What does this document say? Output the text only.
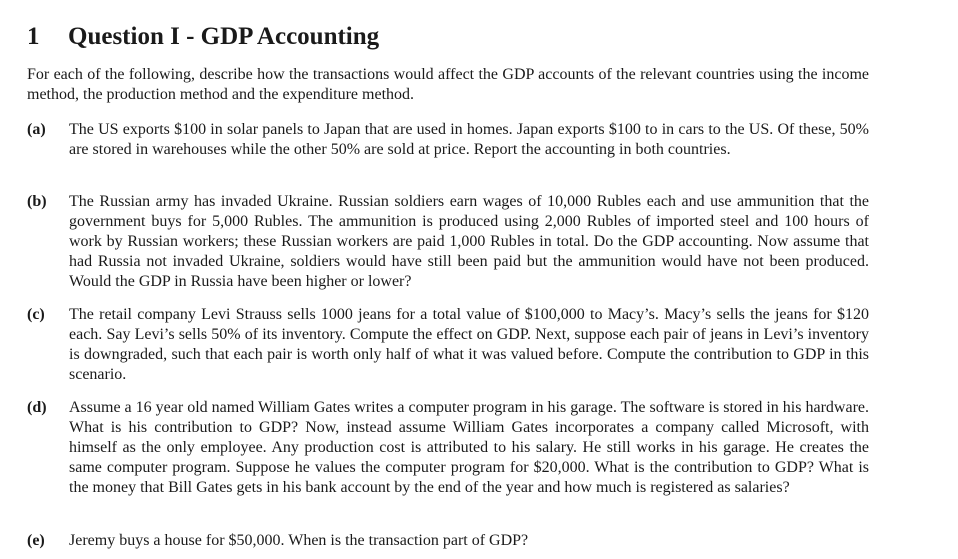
1 Question I - GDP Accounting

For each of the following, describe how the transactions would affect the GDP accounts of the relevant countries using the income method, the production method and the expenditure method.

(a) The US exports $100 in solar panels to Japan that are used in homes. Japan exports $100 to in cars to the US. Of these, 50% are stored in warehouses while the other 50% are sold at price. Report the accounting in both countries.
(b) The Russian army has invaded Ukraine. Russian soldiers earn wages of 10,000 Rubles each and use ammunition that the government buys for 5,000 Rubles. The ammunition is produced using 2,000 Rubles of imported steel and 100 hours of work by Russian workers; these Russian workers are paid 1,000 Rubles in total. Do the GDP accounting. Now assume that had Russia not invaded Ukraine, soldiers would have still been paid but the ammunition would have not been produced. Would the GDP in Russia have been higher or lower?
(c) The retail company Levi Strauss sells 1000 jeans for a total value of $100,000 to Macy’s. Macy’s sells the jeans for $120 each. Say Levi’s sells 50% of its inventory. Compute the effect on GDP. Next, suppose each pair of jeans in Levi’s inventory is downgraded, such that each pair is worth only half of what it was valued before. Compute the contribution to GDP in this scenario.
(d) Assume a 16 year old named William Gates writes a computer program in his garage. The software is stored in his hardware. What is his contribution to GDP? Now, instead assume William Gates incorporates a company called Microsoft, with himself as the only employee. Any production cost is attributed to his salary. He still works in his garage. He creates the same computer program. Suppose he values the computer program for $20,000. What is the contribution to GDP? What is the money that Bill Gates gets in his bank account by the end of the year and how much is registered as salaries?
(e) Jeremy buys a house for $50,000. When is the transaction part of GDP?
